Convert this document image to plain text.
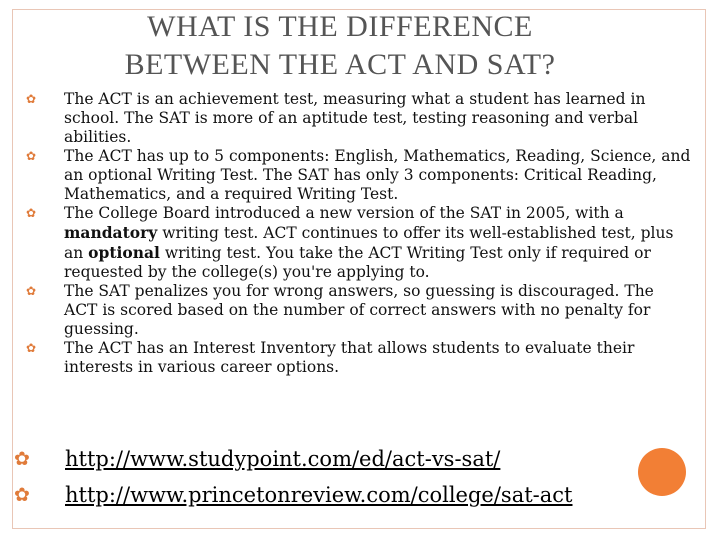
WHAT IS THE DIFFERENCE
BETWEEN THE ACT AND SAT?
✿ The ACT is an achievement test, measuring what a student has learned in school. The SAT is more of an aptitude test, testing reasoning and verbal abilities.
✿ The ACT has up to 5 components: English, Mathematics, Reading, Science, and an optional Writing Test. The SAT has only 3 components: Critical Reading, Mathematics, and a required Writing Test.
✿ The College Board introduced a new version of the SAT in 2005, with a mandatory writing test. ACT continues to offer its well-established test, plus an optional writing test. You take the ACT Writing Test only if required or requested by the college(s) you're applying to.
✿ The SAT penalizes you for wrong answers, so guessing is discouraged. The ACT is scored based on the number of correct answers with no penalty for guessing.
✿ The ACT has an Interest Inventory that allows students to evaluate their interests in various career options.
✿ http://www.studypoint.com/ed/act-vs-sat/
✿ http://www.princetonreview.com/college/sat-act
